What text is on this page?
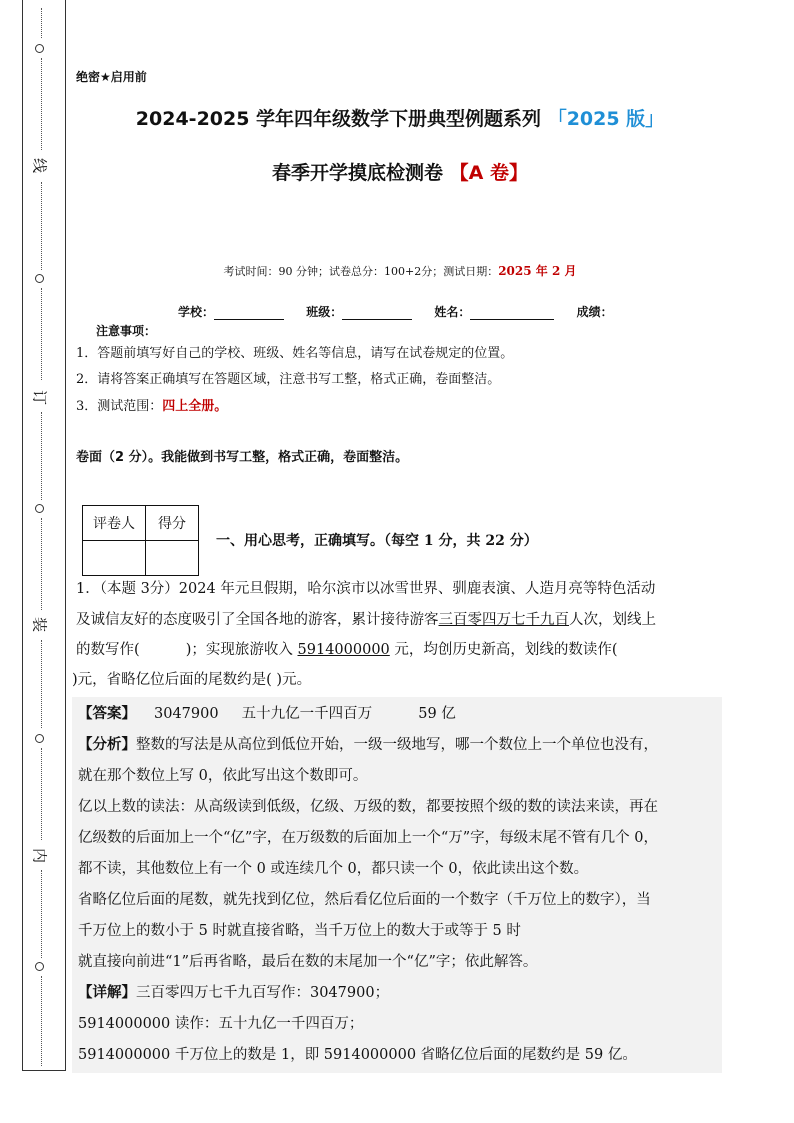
线
订
装
内
绝密★启用前
2024-2025 学年四年级数学下册典型例题系列 「2025 版」
春季开学摸底检测卷 【A 卷】
考试时间：90 分钟；试卷总分：100+2分；测试日期：2025 年 2 月
学校：	班级：	姓名：	成绩：
注意事项：
1．答题前填写好自己的学校、班级、姓名等信息，请写在试卷规定的位置。
2．请将答案正确填写在答题区域，注意书写工整，格式正确，卷面整洁。
3．测试范围：四上全册。
卷面（2 分）。我能做到书写工整，格式正确，卷面整洁。
评卷人	得分

一、用心思考，正确填写。（每空 1 分，共 22 分）
1．（本题 3分）2024 年元旦假期，哈尔滨市以冰雪世界、驯鹿表演、人造月亮等特色活动
及诚信友好的态度吸引了全国各地的游客，累计接待游客三百零四万七千九百人次，划线上
的数写作(          )；实现旅游收入 5914000000 元，均创历史新高，划线的数读作(
)元，省略亿位后面的尾数约是( )元。
【答案】 3047900     五十九亿一千四百万          59 亿
【分析】整数的写法是从高位到低位开始，一级一级地写，哪一个数位上一个单位也没有，
就在那个数位上写 0，依此写出这个数即可。
亿以上数的读法：从高级读到低级，亿级、万级的数，都要按照个级的数的读法来读，再在
亿级数的后面加上一个“亿”字，在万级数的后面加上一个“万”字，每级末尾不管有几个 0，
都不读，其他数位上有一个 0 或连续几个 0，都只读一个 0，依此读出这个数。
省略亿位后面的尾数，就先找到亿位，然后看亿位后面的一个数字（千万位上的数字），当
千万位上的数小于 5 时就直接省略，当千万位上的数大于或等于 5 时
就直接向前进“1”后再省略，最后在数的末尾加一个“亿”字；依此解答。
【详解】三百零四万七千九百写作：3047900；
5914000000 读作：五十九亿一千四百万；
5914000000 千万位上的数是 1，即 5914000000 省略亿位后面的尾数约是 59 亿。
